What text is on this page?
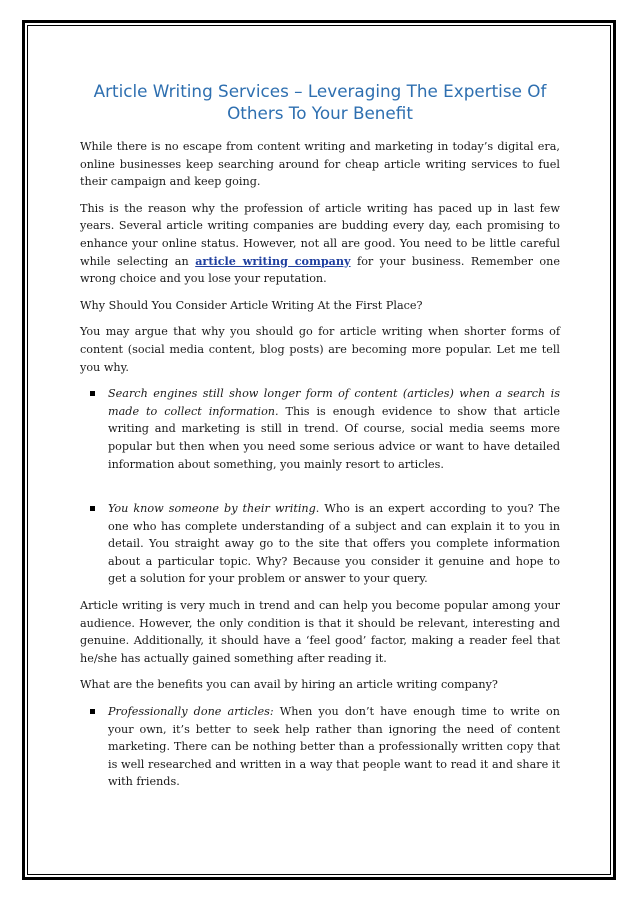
Article Writing Services – Leveraging The Expertise Of Others To Your Benefit

While there is no escape from content writing and marketing in today’s digital era, online businesses keep searching around for cheap article writing services to fuel their campaign and keep going.

This is the reason why the profession of article writing has paced up in last few years. Several article writing companies are budding every day, each promising to enhance your online status. However, not all are good. You need to be little careful while selecting an article writing company for your business. Remember one wrong choice and you lose your reputation.

Why Should You Consider Article Writing At the First Place?

You may argue that why you should go for article writing when shorter forms of content (social media content, blog posts) are becoming more popular. Let me tell you why.

Search engines still show longer form of content (articles) when a search is made to collect information. This is enough evidence to show that article writing and marketing is still in trend. Of course, social media seems more popular but then when you need some serious advice or want to have detailed information about something, you mainly resort to articles.
You know someone by their writing. Who is an expert according to you? The one who has complete understanding of a subject and can explain it to you in detail. You straight away go to the site that offers you complete information about a particular topic. Why? Because you consider it genuine and hope to get a solution for your problem or answer to your query.

Article writing is very much in trend and can help you become popular among your audience. However, the only condition is that it should be relevant, interesting and genuine. Additionally, it should have a ‘feel good’ factor, making a reader feel that he/she has actually gained something after reading it.

What are the benefits you can avail by hiring an article writing company?

Professionally done articles: When you don’t have enough time to write on your own, it’s better to seek help rather than ignoring the need of content marketing. There can be nothing better than a professionally written copy that is well researched and written in a way that people want to read it and share it with friends.
